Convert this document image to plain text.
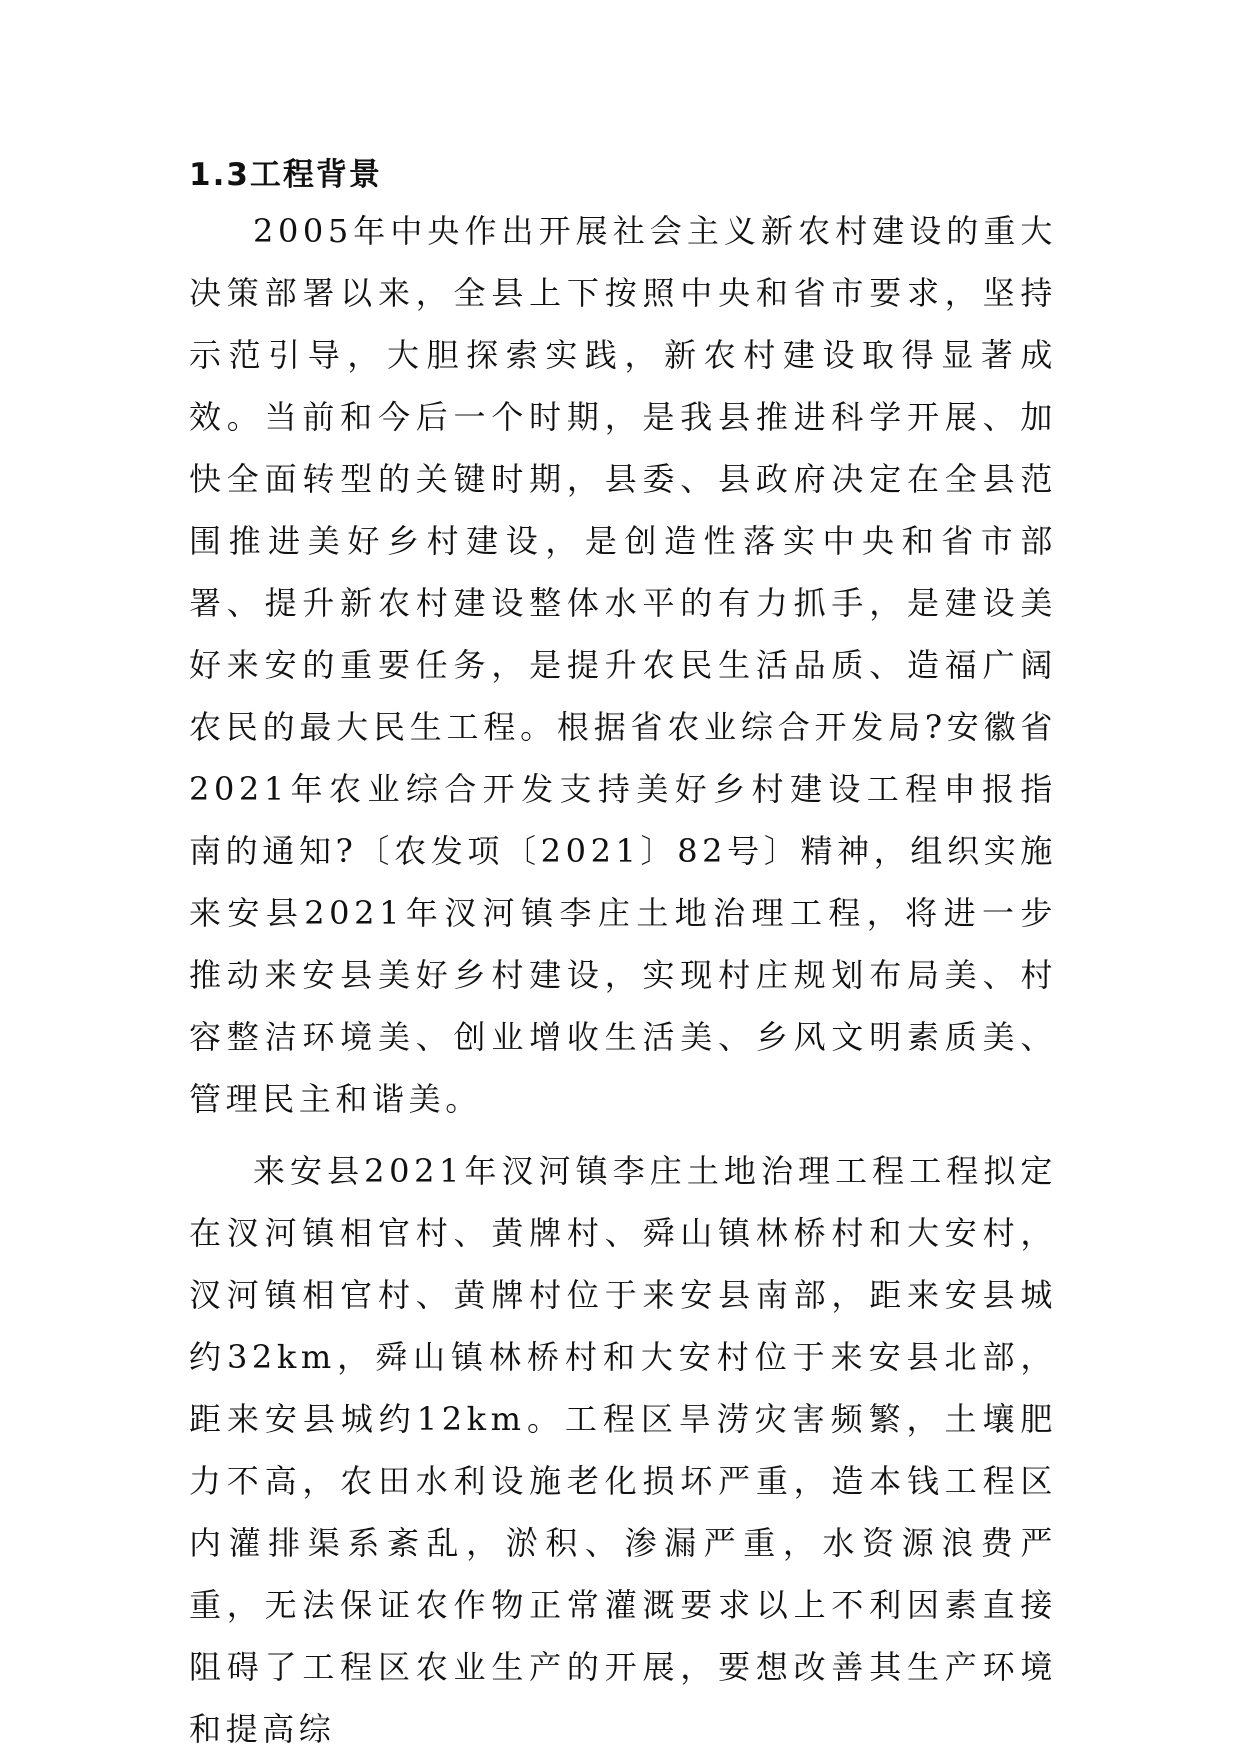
1.3工程背景

2005年中央作出开展社会主义新农村建设的重大决策部署以来，全县上下按照中央和省市要求，坚持示范引导，大胆探索实践，新农村建设取得显著成效。当前和今后一个时期，是我县推进科学开展、加快全面转型的关键时期，县委、县政府决定在全县范围推进美好乡村建设，是创造性落实中央和省市部署、提升新农村建设整体水平的有力抓手，是建设美好来安的重要任务，是提升农民生活品质、造福广阔农民的最大民生工程。根据省农业综合开发局?安徽省2021年农业综合开发支持美好乡村建设工程申报指南的通知?〔农发项〔2021〕82号〕精神，组织实施来安县2021年汊河镇李庄土地治理工程，将进一步推动来安县美好乡村建设，实现村庄规划布局美、村容整洁环境美、创业增收生活美、乡风文明素质美、管理民主和谐美。

来安县2021年汊河镇李庄土地治理工程工程拟定在汊河镇相官村、黄牌村、舜山镇林桥村和大安村，汊河镇相官村、黄牌村位于来安县南部，距来安县城约32km，舜山镇林桥村和大安村位于来安县北部，距来安县城约12km。工程区旱涝灾害频繁，土壤肥力不高，农田水利设施老化损坏严重，造本钱工程区内灌排渠系紊乱，淤积、渗漏严重，水资源浪费严重，无法保证农作物正常灌溉要求以上不利因素直接阻碍了工程区农业生产的开展，要想改善其生产环境和提高综
